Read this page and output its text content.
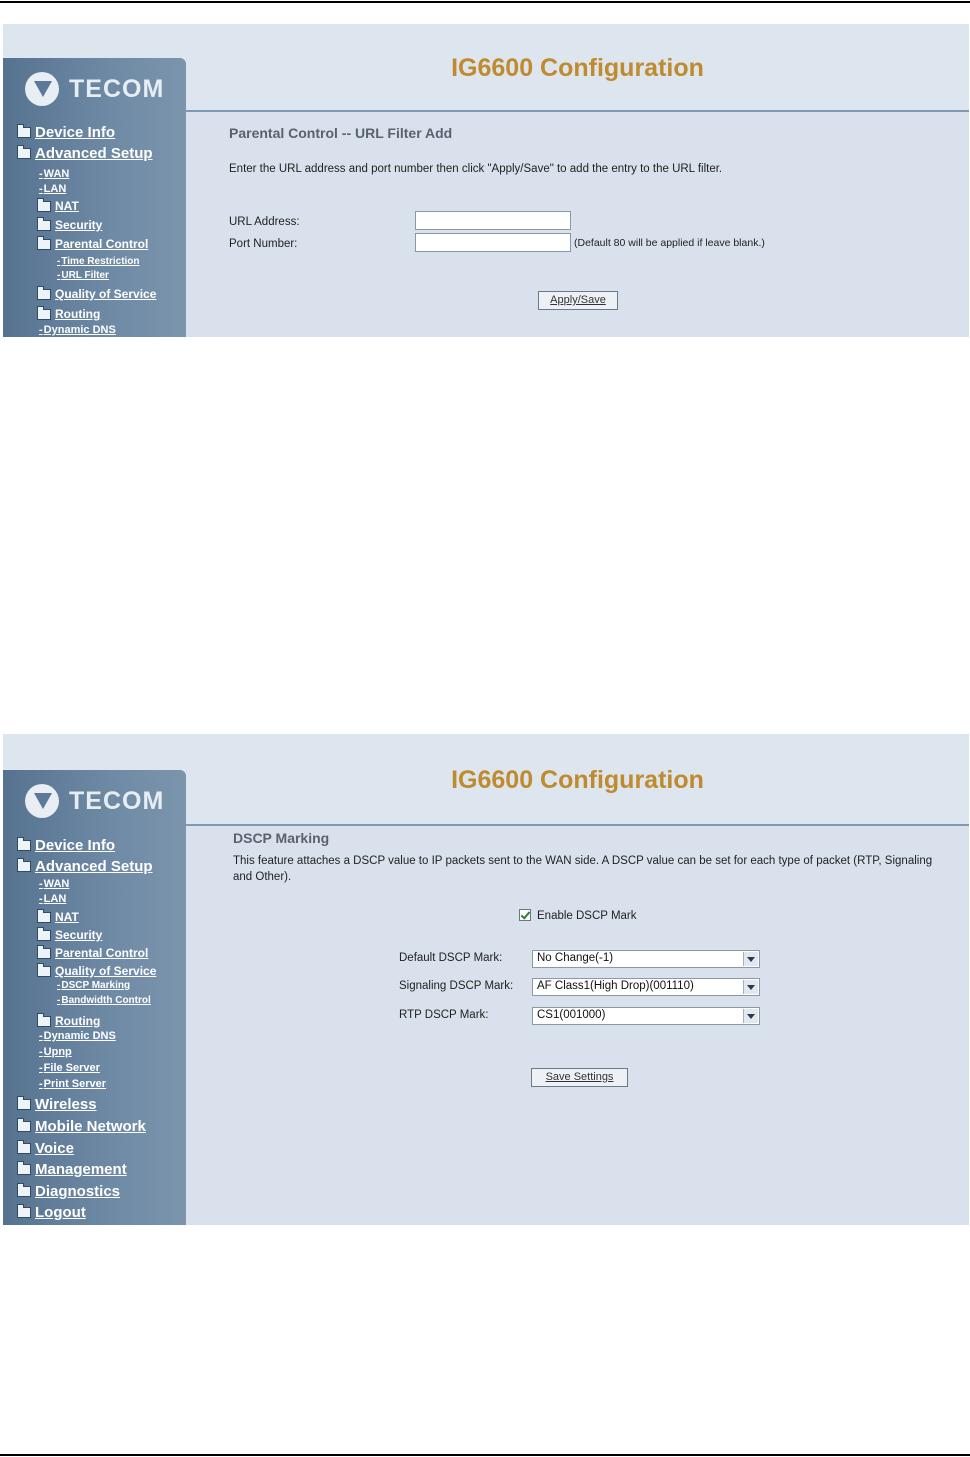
IG6600 Configuration
TECOM
Device Info
Advanced Setup
- WAN
- LAN
NAT
Security
Parental Control
- Time Restriction
- URL Filter
Quality of Service
Routing
- Dynamic DNS
Parental Control -- URL Filter Add
Enter the URL address and port number then click "Apply/Save" to add the entry to the URL filter.
URL Address:
Port Number:	(Default 80 will be applied if leave blank.)
Apply/Save
IG6600 Configuration
TECOM
Device Info
Advanced Setup
- WAN
- LAN
NAT
Security
Parental Control
Quality of Service
- DSCP Marking
- Bandwidth Control
Routing
- Dynamic DNS
- Upnp
- File Server
- Print Server
Wireless
Mobile Network
Voice
Management
Diagnostics
Logout
DSCP Marking
This feature attaches a DSCP value to IP packets sent to the WAN side. A DSCP value can be set for each type of packet (RTP, Signaling and Other).
Enable DSCP Mark
Default DSCP Mark:	No Change(-1)
Signaling DSCP Mark: AF Class1(High Drop)(001110)
RTP DSCP Mark:	CS1(001000)
Save Settings
